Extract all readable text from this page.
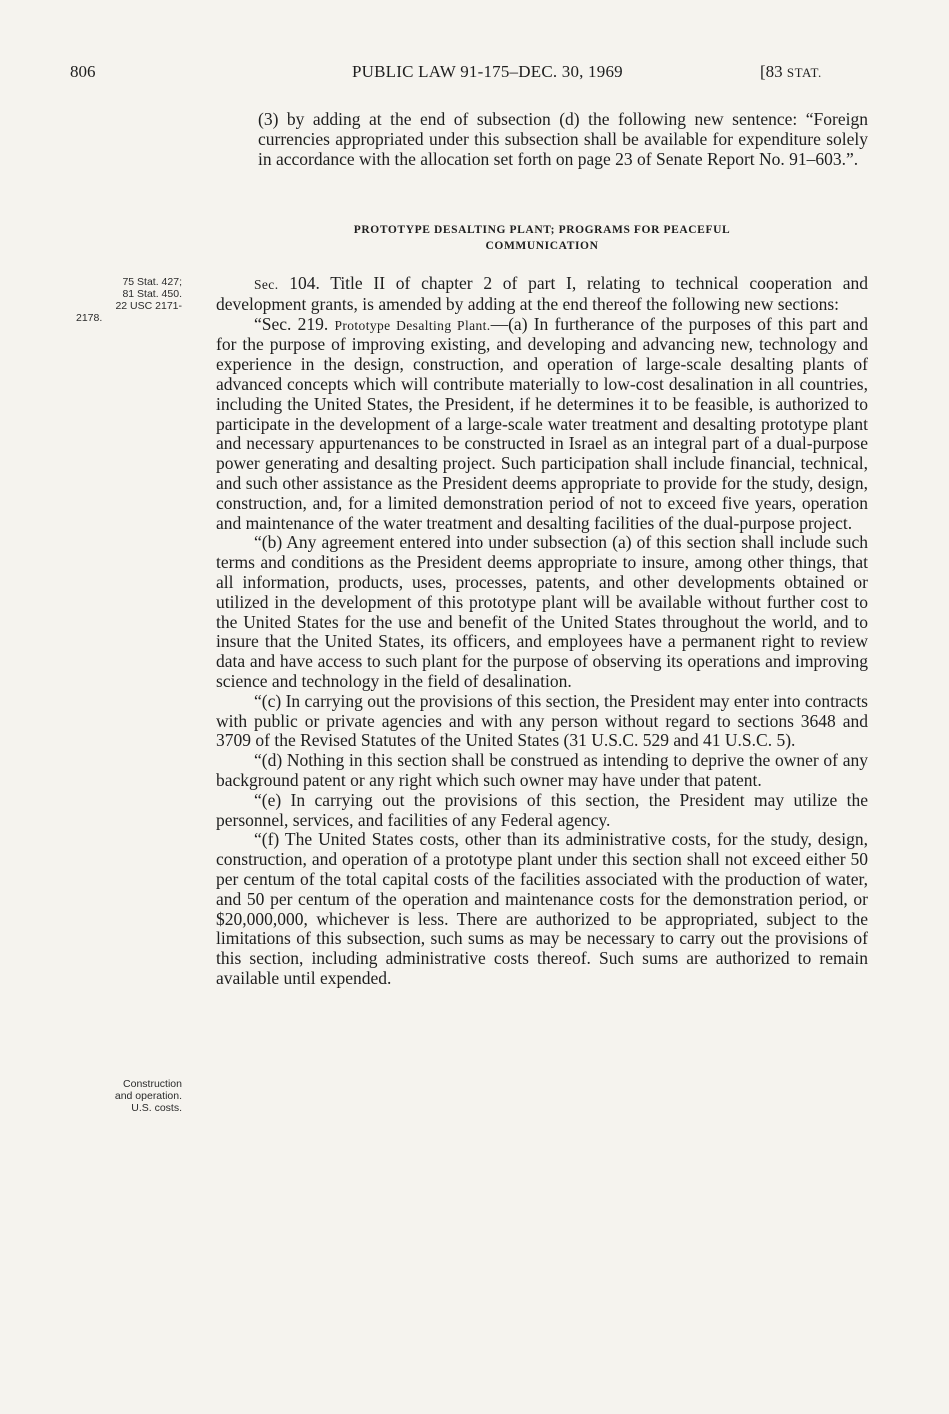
806	PUBLIC LAW 91-175–DEC. 30, 1969	[83 STAT.

(3) by adding at the end of subsection (d) the following new sentence: “Foreign currencies appropriated under this subsection shall be available for expenditure solely in accordance with the allocation set forth on page 23 of Senate Report No. 91–603.”.

PROTOTYPE DESALTING PLANT; PROGRAMS FOR PEACEFUL
COMMUNICATION
75 Stat. 427;
81 Stat. 450.
22 USC 2171-
2178.
Construction
and operation.
U.S. costs.

Sec. 104. Title II of chapter 2 of part I, relating to technical cooperation and development grants, is amended by adding at the end thereof the following new sections:

“Sec. 219. Prototype Desalting Plant.—(a) In furtherance of the purposes of this part and for the purpose of improving existing, and developing and advancing new, technology and experience in the design, construction, and operation of large-scale desalting plants of advanced concepts which will contribute materially to low-cost desalination in all countries, including the United States, the President, if he determines it to be feasible, is authorized to participate in the development of a large-scale water treatment and desalting prototype plant and necessary appurtenances to be constructed in Israel as an integral part of a dual-purpose power generating and desalting project. Such participation shall include financial, technical, and such other assistance as the President deems appropriate to provide for the study, design, construction, and, for a limited demonstration period of not to exceed five years, operation and maintenance of the water treatment and desalting facilities of the dual-purpose project.

“(b) Any agreement entered into under subsection (a) of this section shall include such terms and conditions as the President deems appropriate to insure, among other things, that all information, products, uses, processes, patents, and other developments obtained or utilized in the development of this prototype plant will be available without further cost to the United States for the use and benefit of the United States throughout the world, and to insure that the United States, its officers, and employees have a permanent right to review data and have access to such plant for the purpose of observing its operations and improving science and technology in the field of desalination.

“(c) In carrying out the provisions of this section, the President may enter into contracts with public or private agencies and with any person without regard to sections 3648 and 3709 of the Revised Statutes of the United States (31 U.S.C. 529 and 41 U.S.C. 5).

“(d) Nothing in this section shall be construed as intending to deprive the owner of any background patent or any right which such owner may have under that patent.

“(e) In carrying out the provisions of this section, the President may utilize the personnel, services, and facilities of any Federal agency.

“(f) The United States costs, other than its administrative costs, for the study, design, construction, and operation of a prototype plant under this section shall not exceed either 50 per centum of the total capital costs of the facilities associated with the production of water, and 50 per centum of the operation and maintenance costs for the demonstration period, or $20,000,000, whichever is less. There are authorized to be appropriated, subject to the limitations of this subsection, such sums as may be necessary to carry out the provisions of this section, including administrative costs thereof. Such sums are authorized to remain available until expended.
